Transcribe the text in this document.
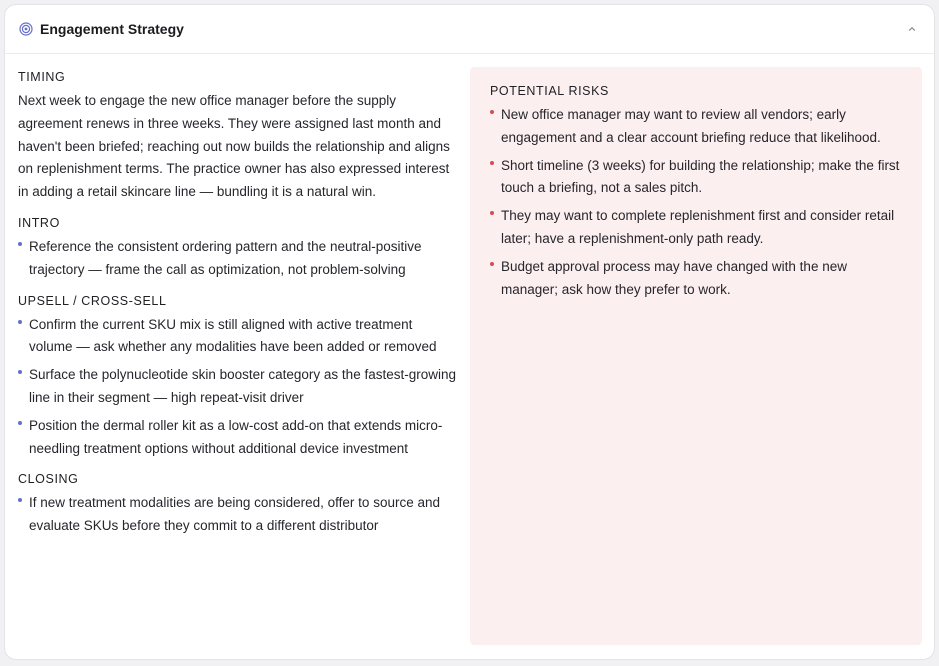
Engagement Strategy
TIMING

Next week to engage the new office manager before the supply agreement renews in three weeks. They were assigned last month and haven't been briefed; reaching out now builds the relationship and aligns on replenishment terms. The practice owner has also expressed interest in adding a retail skincare line — bundling it is a natural win.

INTRO
Reference the consistent ordering pattern and the neutral-positive trajectory — frame the call as optimization, not problem-solving
UPSELL / CROSS-SELL
Confirm the current SKU mix is still aligned with active treatment volume — ask whether any modalities have been added or removed
Surface the polynucleotide skin booster category as the fastest-growing line in their segment — high repeat-visit driver
Position the dermal roller kit as a low-cost add-on that extends micro-needling treatment options without additional device investment
CLOSING
If new treatment modalities are being considered, offer to source and evaluate SKUs before they commit to a different distributor
POTENTIAL RISKS
New office manager may want to review all vendors; early engagement and a clear account briefing reduce that likelihood.
Short timeline (3 weeks) for building the relationship; make the first touch a briefing, not a sales pitch.
They may want to complete replenishment first and consider retail later; have a replenishment-only path ready.
Budget approval process may have changed with the new manager; ask how they prefer to work.
